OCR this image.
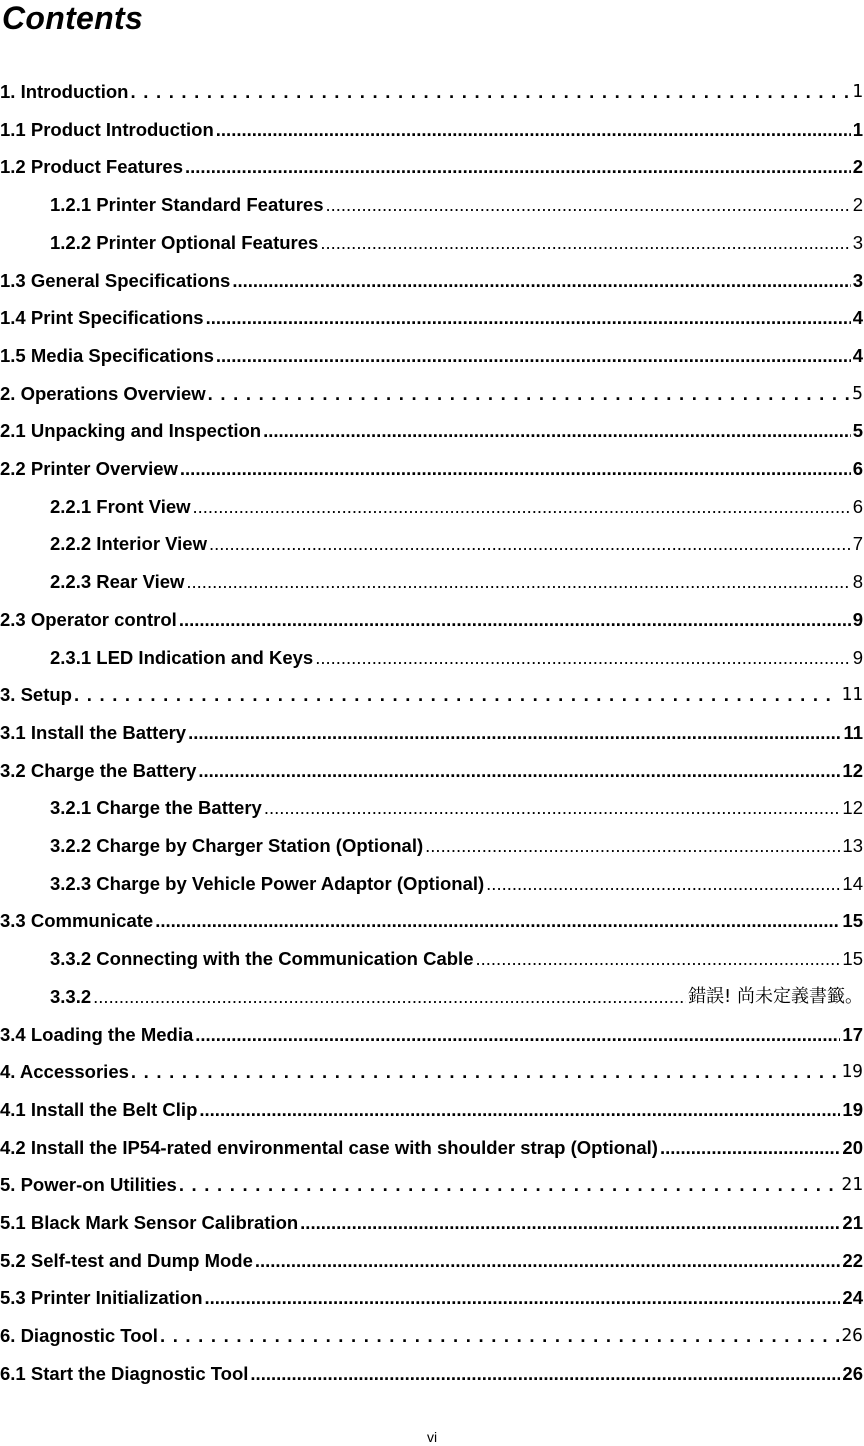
Contents
1. Introduction .....	1
1.1 Product Introduction .....	1
1.2 Product Features .....	2
1.2.1 Printer Standard Features .....	2
1.2.2 Printer Optional Features .....	3
1.3 General Specifications .....	3
1.4 Print Specifications .....	4
1.5 Media Specifications .....	4
2. Operations Overview .....	5
2.1 Unpacking and Inspection .....	5
2.2 Printer Overview .....	6
2.2.1 Front View .....	6
2.2.2 Interior View .....	7
2.2.3 Rear View .....	8
2.3 Operator control .....	9
2.3.1 LED Indication and Keys .....	9
3. Setup .....	11
3.1 Install the Battery .....	11
3.2 Charge the Battery .....	12
3.2.1 Charge the Battery .....	12
3.2.2 Charge by Charger Station (Optional) .....	13
3.2.3 Charge by Vehicle Power Adaptor (Optional) .....	14
3.3 Communicate .....	15
3.3.2 Connecting with the Communication Cable .....	15
3.3.2 .....	錯誤! 尚未定義書籤。
3.4 Loading the Media .....	17
4. Accessories .....	19
4.1 Install the Belt Clip .....	19
4.2 Install the IP54-rated environmental case with shoulder strap (Optional) .....	20
5. Power-on Utilities .....	21
5.1 Black Mark Sensor Calibration .....	21
5.2 Self-test and Dump Mode .....	22
5.3 Printer Initialization .....	24
6. Diagnostic Tool .....	26
6.1 Start the Diagnostic Tool .....	26
vi
